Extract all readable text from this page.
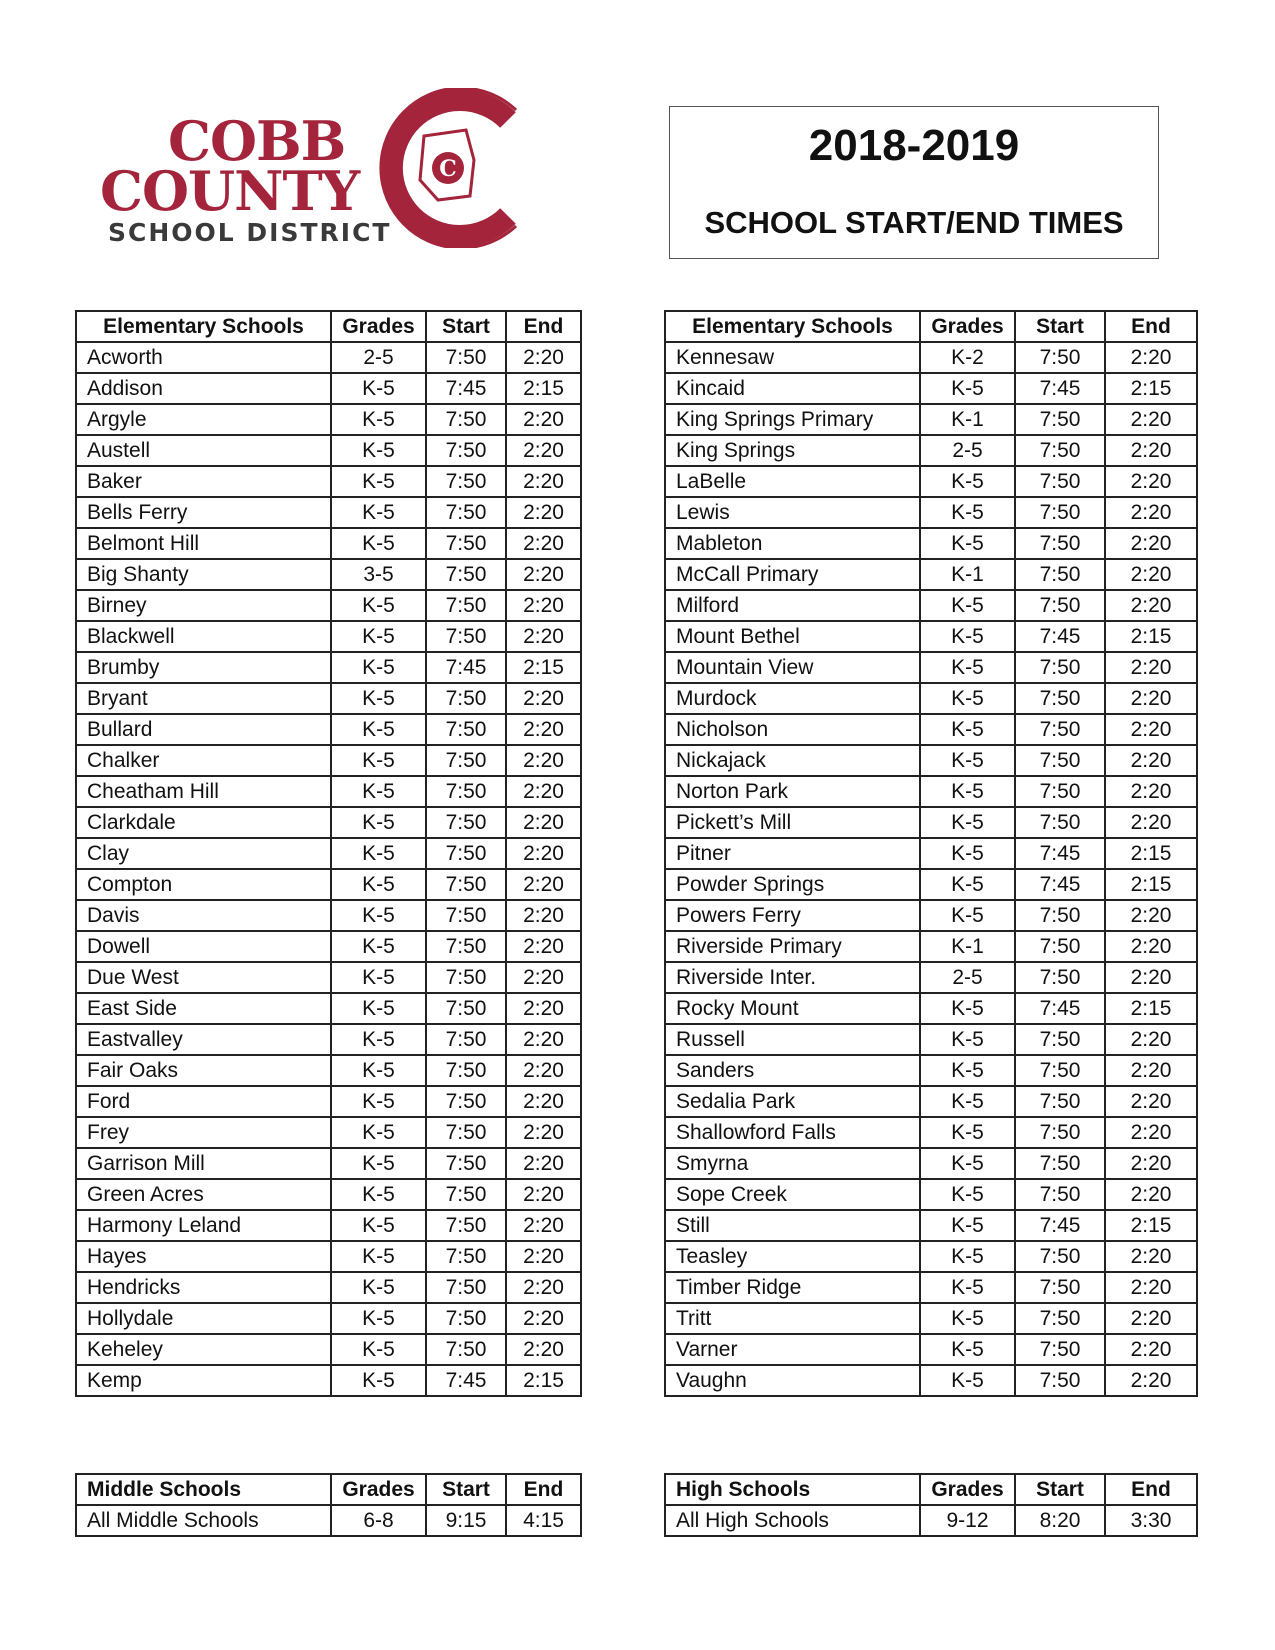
COBB
COUNTY
SCHOOL DISTRICT
C	2018-2019
SCHOOL START/END TIMES
Elementary Schools	Grades	Start	End
Acworth	2-5	7:50	2:20
Addison	K-5	7:45	2:15
Argyle	K-5	7:50	2:20
Austell	K-5	7:50	2:20
Baker	K-5	7:50	2:20
Bells Ferry	K-5	7:50	2:20
Belmont Hill	K-5	7:50	2:20
Big Shanty	3-5	7:50	2:20
Birney	K-5	7:50	2:20
Blackwell	K-5	7:50	2:20
Brumby	K-5	7:45	2:15
Bryant	K-5	7:50	2:20
Bullard	K-5	7:50	2:20
Chalker	K-5	7:50	2:20
Cheatham Hill	K-5	7:50	2:20
Clarkdale	K-5	7:50	2:20
Clay	K-5	7:50	2:20
Compton	K-5	7:50	2:20
Davis	K-5	7:50	2:20
Dowell	K-5	7:50	2:20
Due West	K-5	7:50	2:20
East Side	K-5	7:50	2:20
Eastvalley	K-5	7:50	2:20
Fair Oaks	K-5	7:50	2:20
Ford	K-5	7:50	2:20
Frey	K-5	7:50	2:20
Garrison Mill	K-5	7:50	2:20
Green Acres	K-5	7:50	2:20
Harmony Leland	K-5	7:50	2:20
Hayes	K-5	7:50	2:20
Hendricks	K-5	7:50	2:20
Hollydale	K-5	7:50	2:20
Keheley	K-5	7:50	2:20
Kemp	K-5	7:45	2:15
Elementary Schools	Grades	Start	End
Kennesaw	K-2	7:50	2:20
Kincaid	K-5	7:45	2:15
King Springs Primary	K-1	7:50	2:20
King Springs	2-5	7:50	2:20
LaBelle	K-5	7:50	2:20
Lewis	K-5	7:50	2:20
Mableton	K-5	7:50	2:20
McCall Primary	K-1	7:50	2:20
Milford	K-5	7:50	2:20
Mount Bethel	K-5	7:45	2:15
Mountain View	K-5	7:50	2:20
Murdock	K-5	7:50	2:20
Nicholson	K-5	7:50	2:20
Nickajack	K-5	7:50	2:20
Norton Park	K-5	7:50	2:20
Pickett’s Mill	K-5	7:50	2:20
Pitner	K-5	7:45	2:15
Powder Springs	K-5	7:45	2:15
Powers Ferry	K-5	7:50	2:20
Riverside Primary	K-1	7:50	2:20
Riverside Inter.	2-5	7:50	2:20
Rocky Mount	K-5	7:45	2:15
Russell	K-5	7:50	2:20
Sanders	K-5	7:50	2:20
Sedalia Park	K-5	7:50	2:20
Shallowford Falls	K-5	7:50	2:20
Smyrna	K-5	7:50	2:20
Sope Creek	K-5	7:50	2:20
Still	K-5	7:45	2:15
Teasley	K-5	7:50	2:20
Timber Ridge	K-5	7:50	2:20
Tritt	K-5	7:50	2:20
Varner	K-5	7:50	2:20
Vaughn	K-5	7:50	2:20
Middle Schools	Grades	Start	End
All Middle Schools	6-8	9:15	4:15
High Schools	Grades	Start	End
All High Schools	9-12	8:20	3:30
